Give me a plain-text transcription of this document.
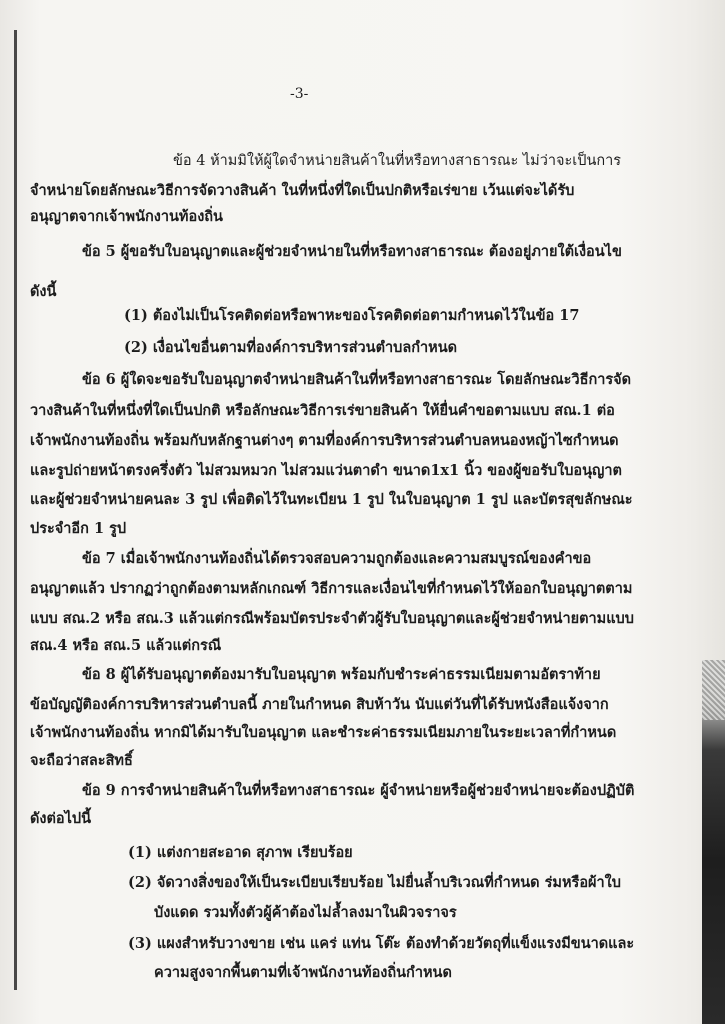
-3-
ข้อ 4 ห้ามมิให้ผู้ใดจำหน่ายสินค้าในที่หรือทางสาธารณะ ไม่ว่าจะเป็นการ
จำหน่ายโดยลักษณะวิธีการจัดวางสินค้า ในที่หนึ่งที่ใดเป็นปกติหรือเร่ขาย เว้นแต่จะได้รับ
อนุญาตจากเจ้าพนักงานท้องถิ่น
ข้อ 5 ผู้ขอรับใบอนุญาตและผู้ช่วยจำหน่ายในที่หรือทางสาธารณะ ต้องอยู่ภายใต้เงื่อนไข
ดังนี้
(1) ต้องไม่เป็นโรคติดต่อหรือพาหะของโรคติดต่อตามกำหนดไว้ในข้อ 17
(2) เงื่อนไขอื่นตามที่องค์การบริหารส่วนตำบลกำหนด
ข้อ 6 ผู้ใดจะขอรับใบอนุญาตจำหน่ายสินค้าในที่หรือทางสาธารณะ โดยลักษณะวิธีการจัด
วางสินค้าในที่หนึ่งที่ใดเป็นปกติ หรือลักษณะวิธีการเร่ขายสินค้า ให้ยื่นคำขอตามแบบ สณ.1 ต่อ
เจ้าพนักงานท้องถิ่น พร้อมกับหลักฐานต่างๆ ตามที่องค์การบริหารส่วนตำบลหนองหญ้าไซกำหนด
และรูปถ่ายหน้าตรงครึ่งตัว ไม่สวมหมวก ไม่สวมแว่นตาดำ ขนาด1x1 นิ้ว ของผู้ขอรับใบอนุญาต
และผู้ช่วยจำหน่ายคนละ 3 รูป เพื่อติดไว้ในทะเบียน 1 รูป ในใบอนุญาต 1 รูป และบัตรสุขลักษณะ
ประจำอีก 1 รูป
ข้อ 7 เมื่อเจ้าพนักงานท้องถิ่นได้ตรวจสอบความถูกต้องและความสมบูรณ์ของคำขอ
อนุญาตแล้ว ปรากฏว่าถูกต้องตามหลักเกณฑ์ วิธีการและเงื่อนไขที่กำหนดไว้ให้ออกใบอนุญาตตาม
แบบ สณ.2 หรือ สณ.3 แล้วแต่กรณีพร้อมบัตรประจำตัวผู้รับใบอนุญาตและผู้ช่วยจำหน่ายตามแบบ
สณ.4 หรือ สณ.5 แล้วแต่กรณี
ข้อ 8 ผู้ได้รับอนุญาตต้องมารับใบอนุญาต พร้อมกับชำระค่าธรรมเนียมตามอัตราท้าย
ข้อบัญญัติองค์การบริหารส่วนตำบลนี้ ภายในกำหนด สิบห้าวัน นับแต่วันที่ได้รับหนังสือแจ้งจาก
เจ้าพนักงานท้องถิ่น หากมิได้มารับใบอนุญาต และชำระค่าธรรมเนียมภายในระยะเวลาที่กำหนด
จะถือว่าสละสิทธิ์
ข้อ 9 การจำหน่ายสินค้าในที่หรือทางสาธารณะ ผู้จำหน่ายหรือผู้ช่วยจำหน่ายจะต้องปฏิบัติ
ดังต่อไปนี้
(1) แต่งกายสะอาด สุภาพ เรียบร้อย
(2) จัดวางสิ่งของให้เป็นระเบียบเรียบร้อย ไม่ยื่นล้ำบริเวณที่กำหนด ร่มหรือผ้าใบ
บังแดด รวมทั้งตัวผู้ค้าต้องไม่ล้ำลงมาในผิวจราจร
(3) แผงสำหรับวางขาย เช่น แคร่ แท่น โต๊ะ ต้องทำด้วยวัตถุที่แข็งแรงมีขนาดและ
ความสูงจากพื้นตามที่เจ้าพนักงานท้องถิ่นกำหนด
